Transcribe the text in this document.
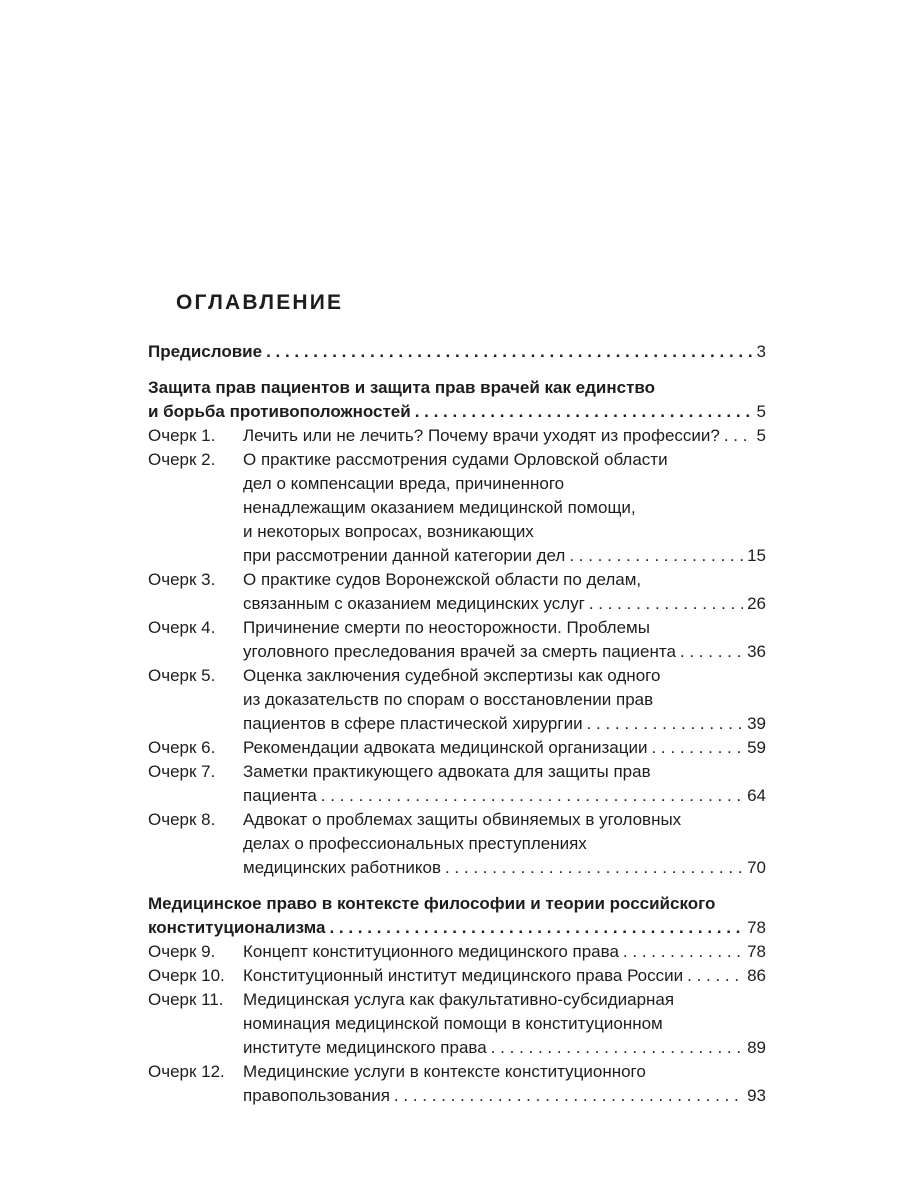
ОГЛАВЛЕНИЕ
Предисловие . . .	3
Защита прав пациентов и защита прав врачей как единство
и борьба противоположностей . . .	5
Очерк 1.	Лечить или не лечить? Почему врачи уходят из профессии? . . . 5
Очерк 2.	О практике рассмотрения судами Орловской области
дел о компенсации вреда, причиненного
ненадлежащим оказанием медицинской помощи,
и некоторых вопросах, возникающих
при рассмотрении данной категории дел . . .	15
Очерк 3.	О практике судов Воронежской области по делам,
связанным с оказанием медицинских услуг . . .	26
Очерк 4.	Причинение смерти по неосторожности. Проблемы
уголовного преследования врачей за смерть пациента . . .	36
Очерк 5.	Оценка заключения судебной экспертизы как одного
из доказательств по спорам о восстановлении прав
пациентов в сфере пластической хирургии . . .	39
Очерк 6.	Рекомендации адвоката медицинской организации . . .	59
Очерк 7.	Заметки практикующего адвоката для защиты прав
пациента . . .	64
Очерк 8.	Адвокат о проблемах защиты обвиняемых в уголовных
делах о профессиональных преступлениях
медицинских работников . . .	70
Медицинское право в контексте философии и теории российского
конституционализма . . .	78
Очерк 9.	Концепт конституционного медицинского права . . .	78
Очерк 10.	Конституционный институт медицинского права России . . .	86
Очерк 11.	Медицинская услуга как факультативно-субсидиарная
номинация медицинской помощи в конституционном
институте медицинского права . . .	89
Очерк 12.	Медицинские услуги в контексте конституционного
правопользования . . .	93
